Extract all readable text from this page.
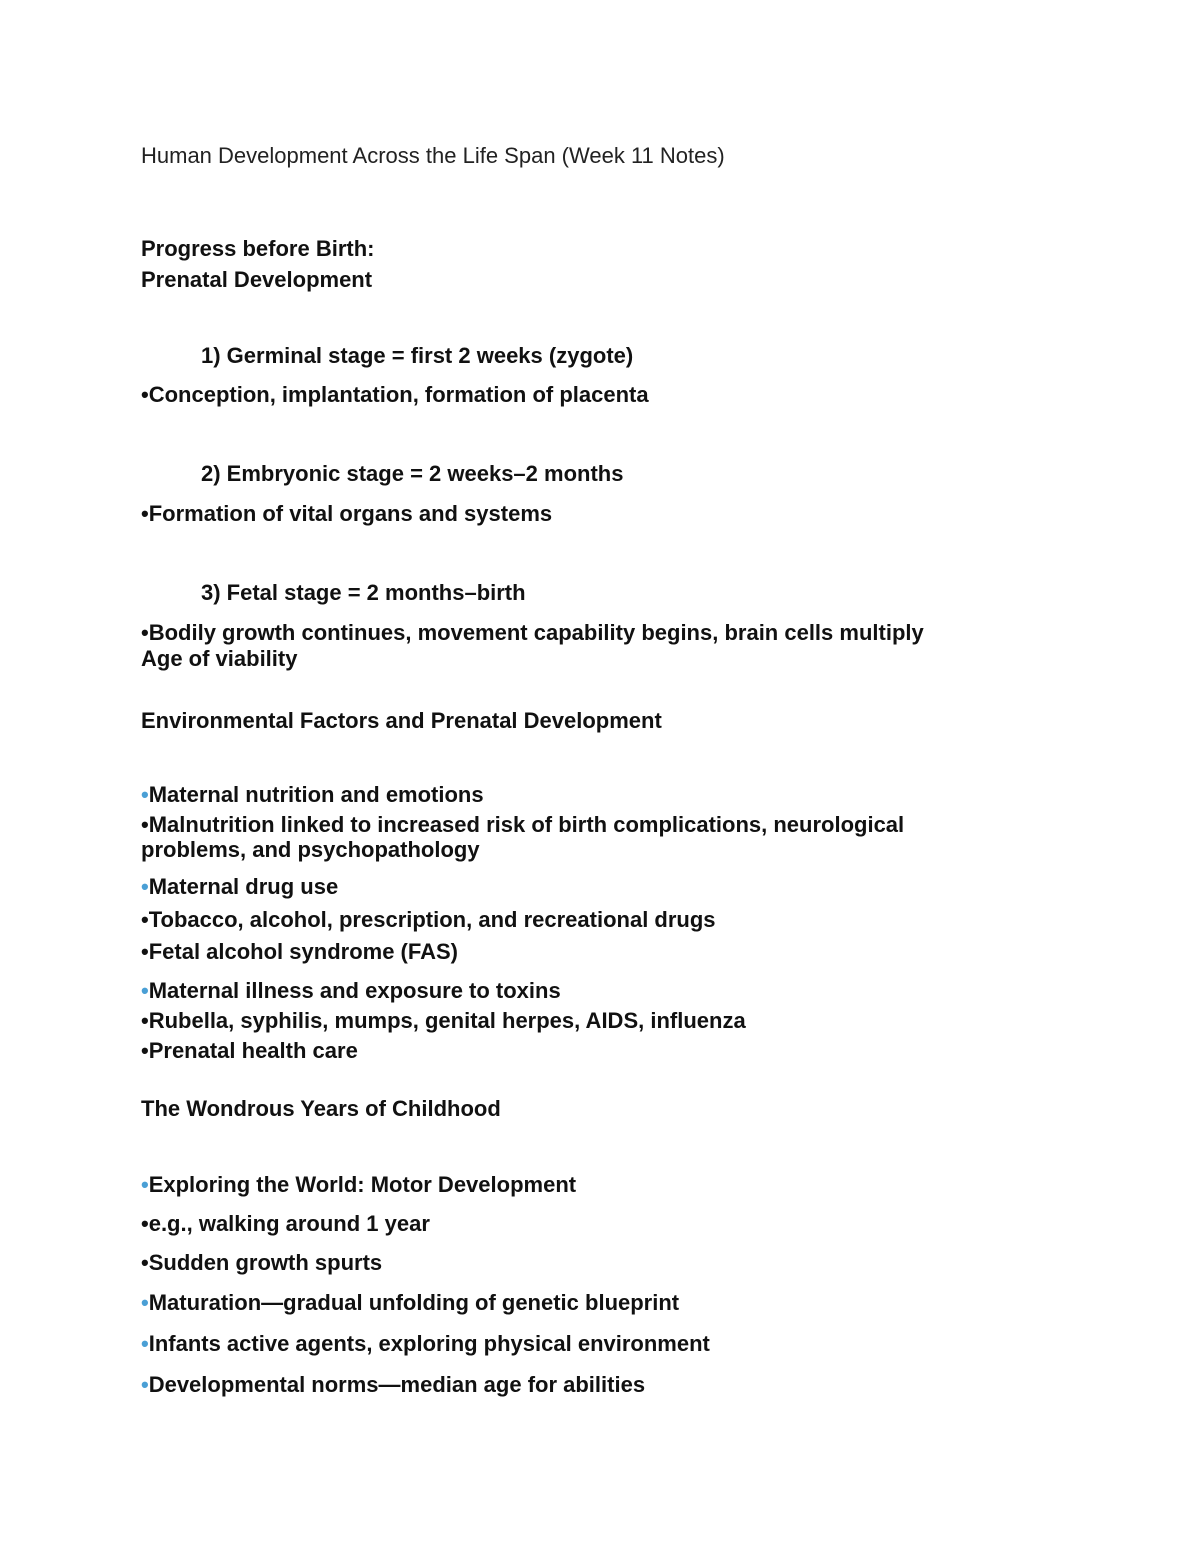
Human Development Across the Life Span (Week 11 Notes)
Progress before Birth:
Prenatal Development
1) Germinal stage = first 2 weeks (zygote)
•Conception, implantation, formation of placenta
2) Embryonic stage = 2 weeks–2 months
•Formation of vital organs and systems
3) Fetal stage = 2 months–birth
•Bodily growth continues, movement capability begins, brain cells multiply
Age of viability
Environmental Factors and Prenatal Development
•Maternal nutrition and emotions
•Malnutrition linked to increased risk of birth complications, neurological problems, and psychopathology
•Maternal drug use
•Tobacco, alcohol, prescription, and recreational drugs
•Fetal alcohol syndrome (FAS)
•Maternal illness and exposure to toxins
•Rubella, syphilis, mumps, genital herpes, AIDS, influenza
•Prenatal health care
The Wondrous Years of Childhood
•Exploring the World: Motor Development
•e.g., walking around 1 year
•Sudden growth spurts
•Maturation—gradual unfolding of genetic blueprint
•Infants active agents, exploring physical environment
•Developmental norms—median age for abilities
